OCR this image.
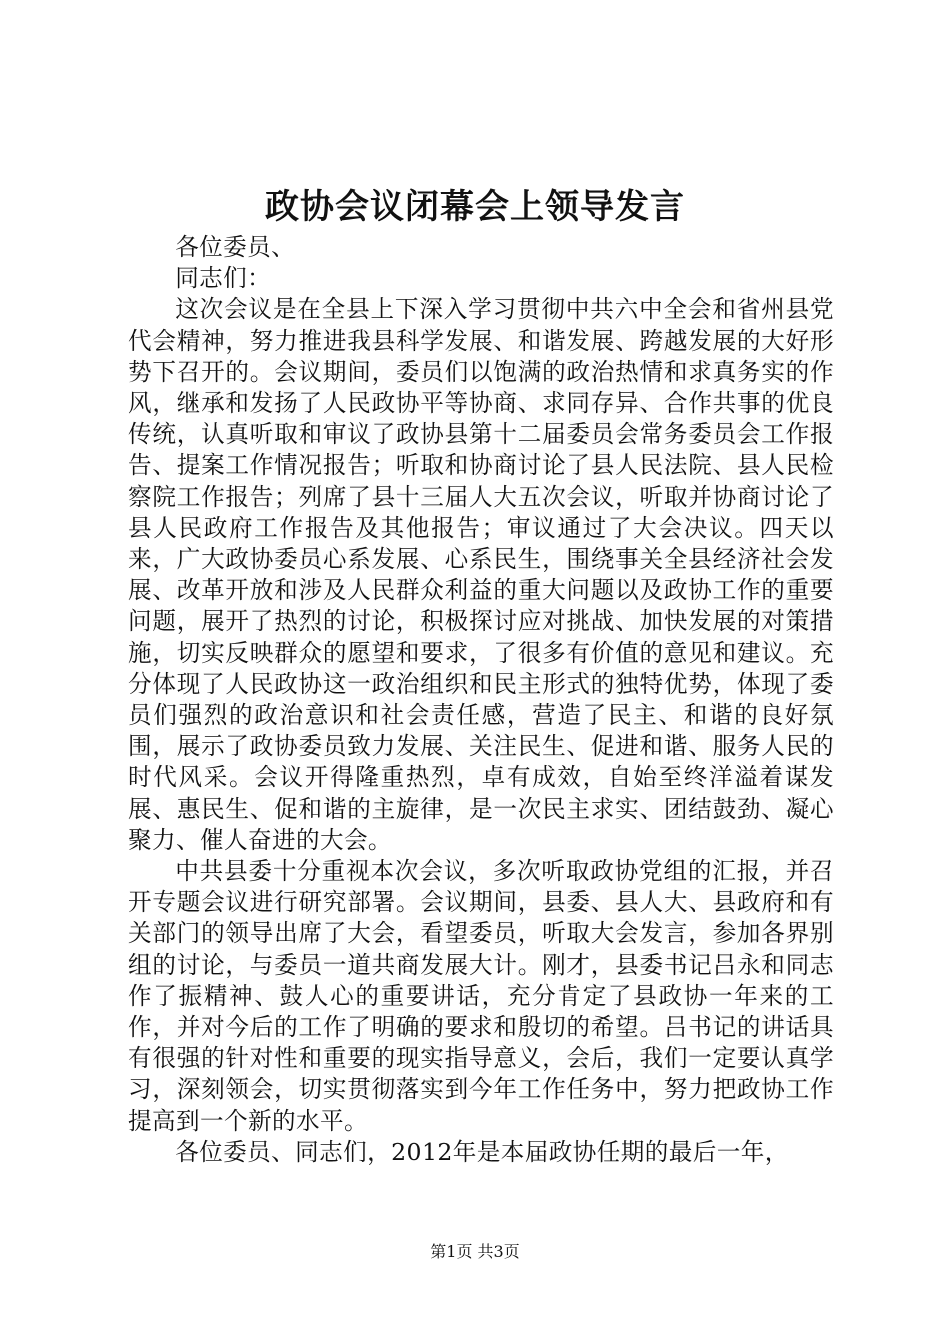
政协会议闭幕会上领导发言

各位委员、

同志们：

这次会议是在全县上下深入学习贯彻中共六中全会和省州县党代会精神，努力推进我县科学发展、和谐发展、跨越发展的大好形势下召开的。会议期间，委员们以饱满的政治热情和求真务实的作风，继承和发扬了人民政协平等协商、求同存异、合作共事的优良传统，认真听取和审议了政协县第十二届委员会常务委员会工作报告、提案工作情况报告；听取和协商讨论了县人民法院、县人民检察院工作报告；列席了县十三届人大五次会议，听取并协商讨论了县人民政府工作报告及其他报告；审议通过了大会决议。四天以来，广大政协委员心系发展、心系民生，围绕事关全县经济社会发展、改革开放和涉及人民群众利益的重大问题以及政协工作的重要问题，展开了热烈的讨论，积极探讨应对挑战、加快发展的对策措施，切实反映群众的愿望和要求，了很多有价值的意见和建议。充分体现了人民政协这一政治组织和民主形式的独特优势，体现了委员们强烈的政治意识和社会责任感，营造了民主、和谐的良好氛围，展示了政协委员致力发展、关注民生、促进和谐、服务人民的时代风采。会议开得隆重热烈，卓有成效，自始至终洋溢着谋发展、惠民生、促和谐的主旋律，是一次民主求实、团结鼓劲、凝心聚力、催人奋进的大会。

中共县委十分重视本次会议，多次听取政协党组的汇报，并召开专题会议进行研究部署。会议期间，县委、县人大、县政府和有关部门的领导出席了大会，看望委员，听取大会发言，参加各界别组的讨论，与委员一道共商发展大计。刚才，县委书记吕永和同志作了振精神、鼓人心的重要讲话，充分肯定了县政协一年来的工作，并对今后的工作了明确的要求和殷切的希望。吕书记的讲话具有很强的针对性和重要的现实指导意义，会后，我们一定要认真学习，深刻领会，切实贯彻落实到今年工作任务中，努力把政协工作提高到一个新的水平。

各位委员、同志们，2012年是本届政协任期的最后一年，

第1页 共3页
